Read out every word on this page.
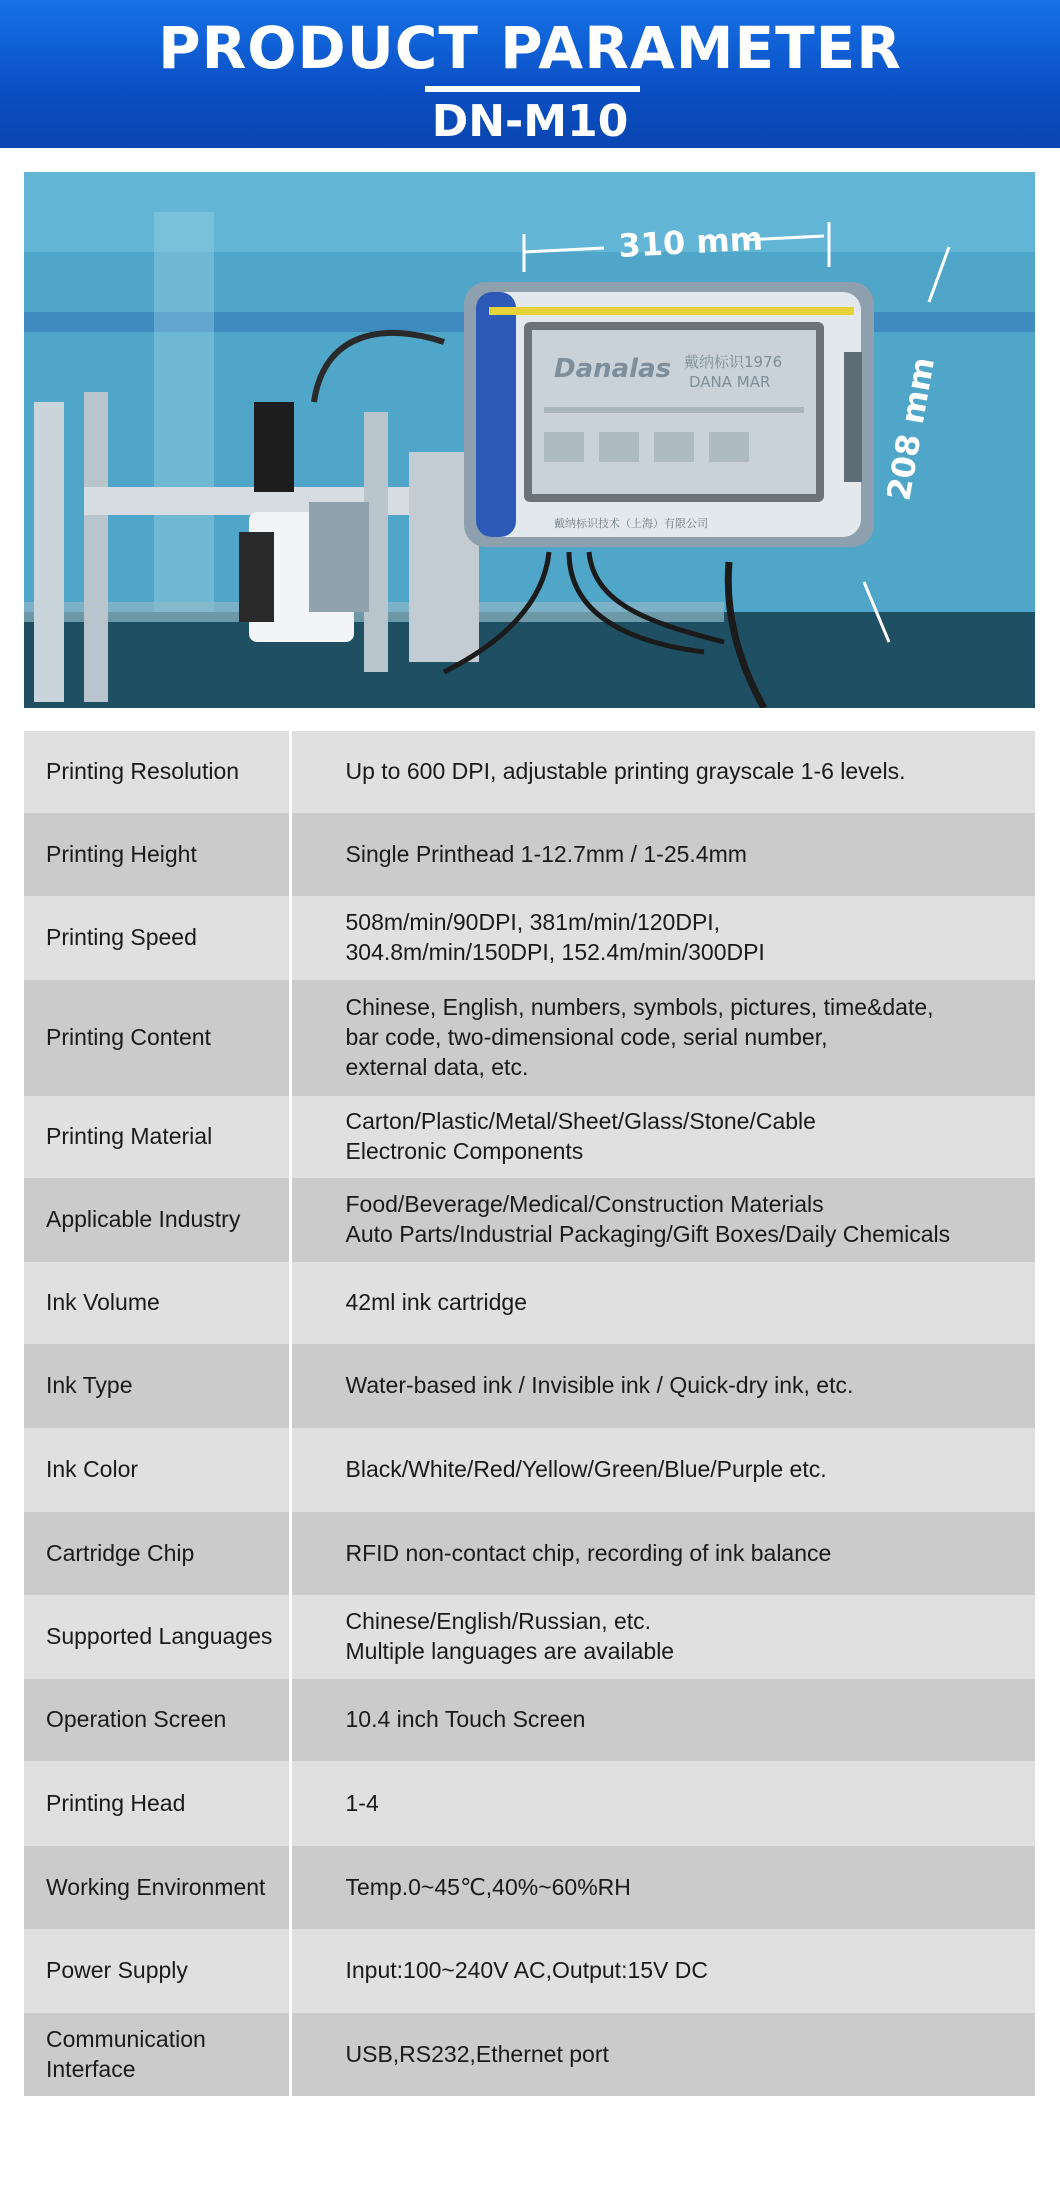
PRODUCT PARAMETER
DN-M10
Danalas 戴纳标识1976
DANA MAR
戴纳标识技术（上海）有限公司
310 mm
208 mm
Printing Resolution	Up to 600 DPI, adjustable printing grayscale 1-6 levels.

Printing Height	Single Printhead 1-12.7mm / 1-25.4mm

Printing Speed	508m/min/90DPI, 381m/min/120DPI,
304.8m/min/150DPI, 152.4m/min/300DPI

Printing Content	Chinese, English, numbers, symbols, pictures, time&date,
bar code, two-dimensional code, serial number,
external data, etc.

Printing Material	Carton/Plastic/Metal/Sheet/Glass/Stone/Cable
Electronic Components

Applicable Industry	Food/Beverage/Medical/Construction Materials
Auto Parts/Industrial Packaging/Gift Boxes/Daily Chemicals

Ink Volume	42ml ink cartridge

Ink Type	Water-based ink / Invisible ink / Quick-dry ink, etc.

Ink Color	Black/White/Red/Yellow/Green/Blue/Purple etc.

Cartridge Chip	RFID non-contact chip, recording of ink balance

Supported Languages	Chinese/English/Russian, etc.
Multiple languages are available

Operation Screen	10.4 inch Touch Screen

Printing Head	1-4

Working Environment	Temp.0~45℃,40%~60%RH

Power Supply	Input:100~240V AC,Output:15V DC

Communication Interface	USB,RS232,Ethernet port
